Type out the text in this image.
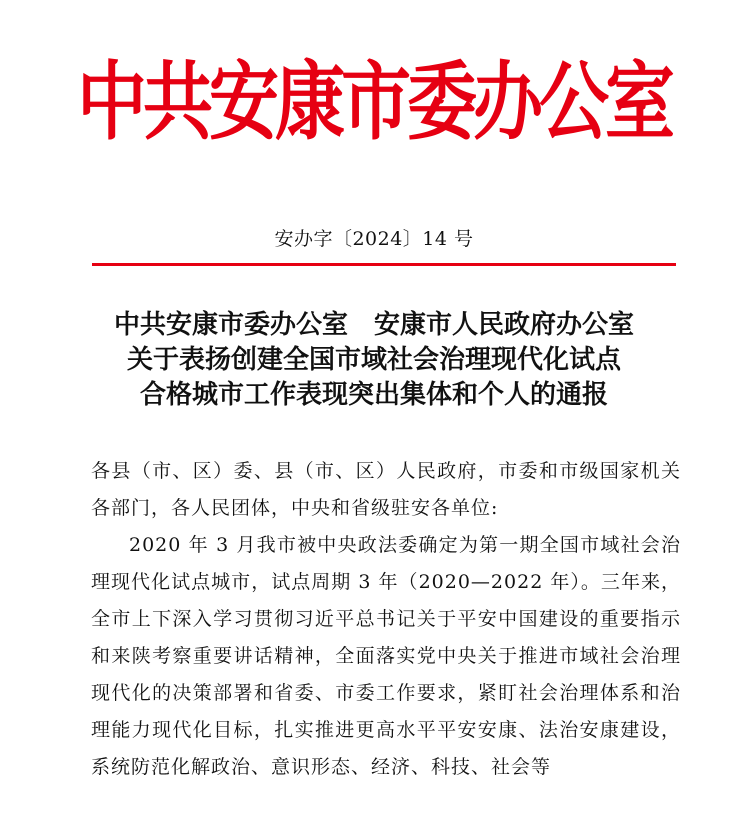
中共安康市委办公室
安办字〔2024〕14 号
中共安康市委办公室　安康市人民政府办公室
关于表扬创建全国市域社会治理现代化试点
合格城市工作表现突出集体和个人的通报

各县（市、区）委、县（市、区）人民政府，市委和市级国家机关各部门，各人民团体，中央和省级驻安各单位:

2020 年 3 月我市被中央政法委确定为第一期全国市域社会治理现代化试点城市，试点周期 3 年（2020—2022 年）。三年来，全市上下深入学习贯彻习近平总书记关于平安中国建设的重要指示和来陕考察重要讲话精神，全面落实党中央关于推进市域社会治理现代化的决策部署和省委、市委工作要求，紧盯社会治理体系和治理能力现代化目标，扎实推进更高水平平安安康、法治安康建设，系统防范化解政治、意识形态、经济、科技、社会等
